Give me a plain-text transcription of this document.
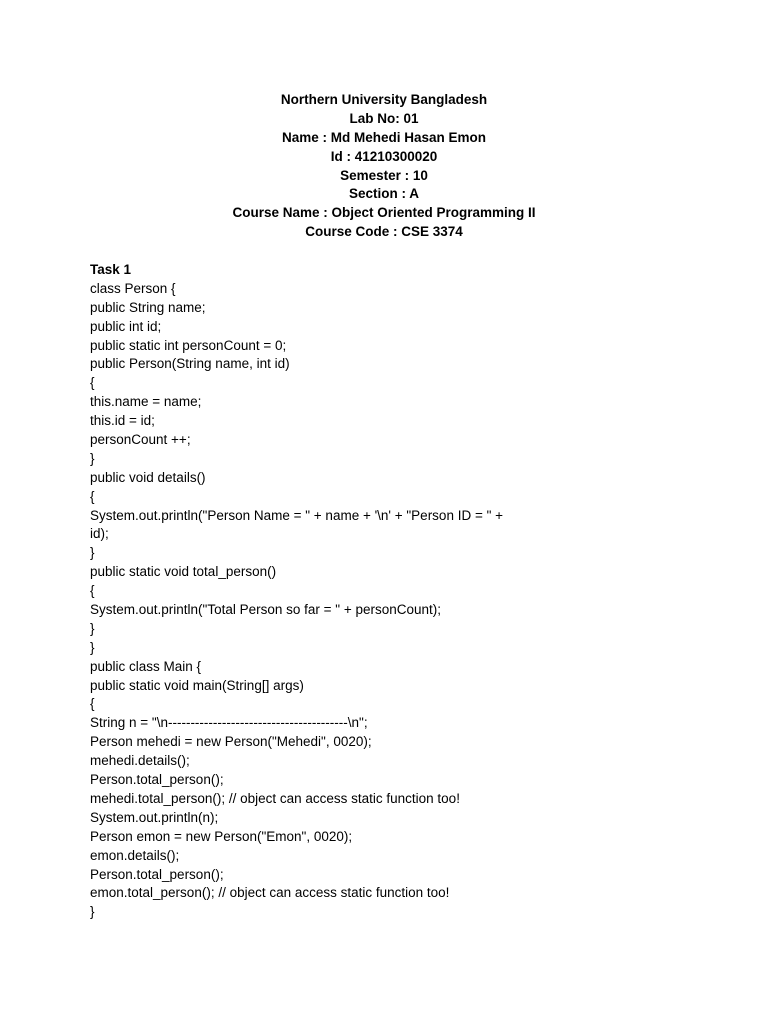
Northern University Bangladesh
Lab No: 01
Name : Md Mehedi Hasan Emon
Id : 41210300020
Semester : 10
Section : A
Course Name : Object Oriented Programming II
Course Code : CSE 3374
Task 1
class Person {
public String name;
public int id;
public static int personCount = 0;
public Person(String name, int id)
{
this.name = name;
this.id = id;
personCount ++;
}
public void details()
{
System.out.println("Person Name = " + name + '\n' + "Person ID = " +
id);
}
public static void total_person()
{
System.out.println("Total Person so far = " + personCount);
}
}
public class Main {
public static void main(String[] args)
{
String n = "\n----------------------------------------\n";
Person mehedi = new Person("Mehedi", 0020);
mehedi.details();
Person.total_person();
mehedi.total_person(); // object can access static function too!
System.out.println(n);
Person emon = new Person("Emon", 0020);
emon.details();
Person.total_person();
emon.total_person(); // object can access static function too!
}
